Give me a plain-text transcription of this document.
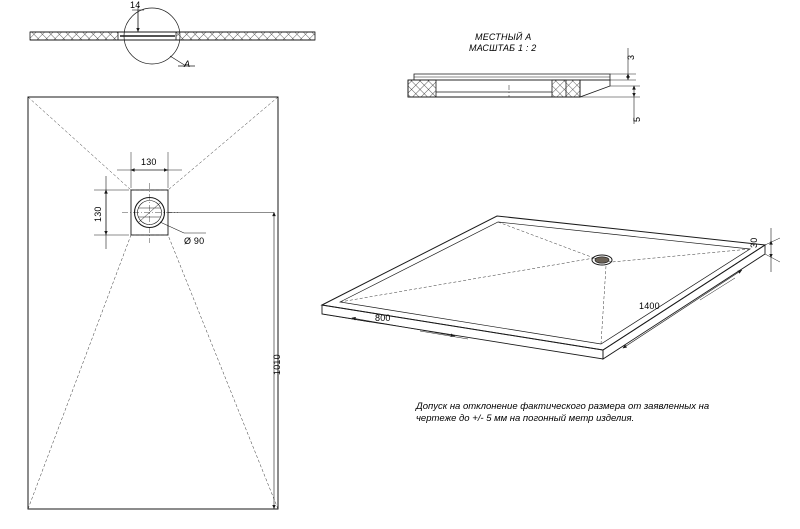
14
A
МЕСТНЫЙ А
МАСШТАБ 1 : 2
3
5
130
130
Ø 90
1010
800
1400
30
Допуск на отклонение фактического размера от заявленных на
чертеже до +/- 5 мм на погонный метр изделия.
